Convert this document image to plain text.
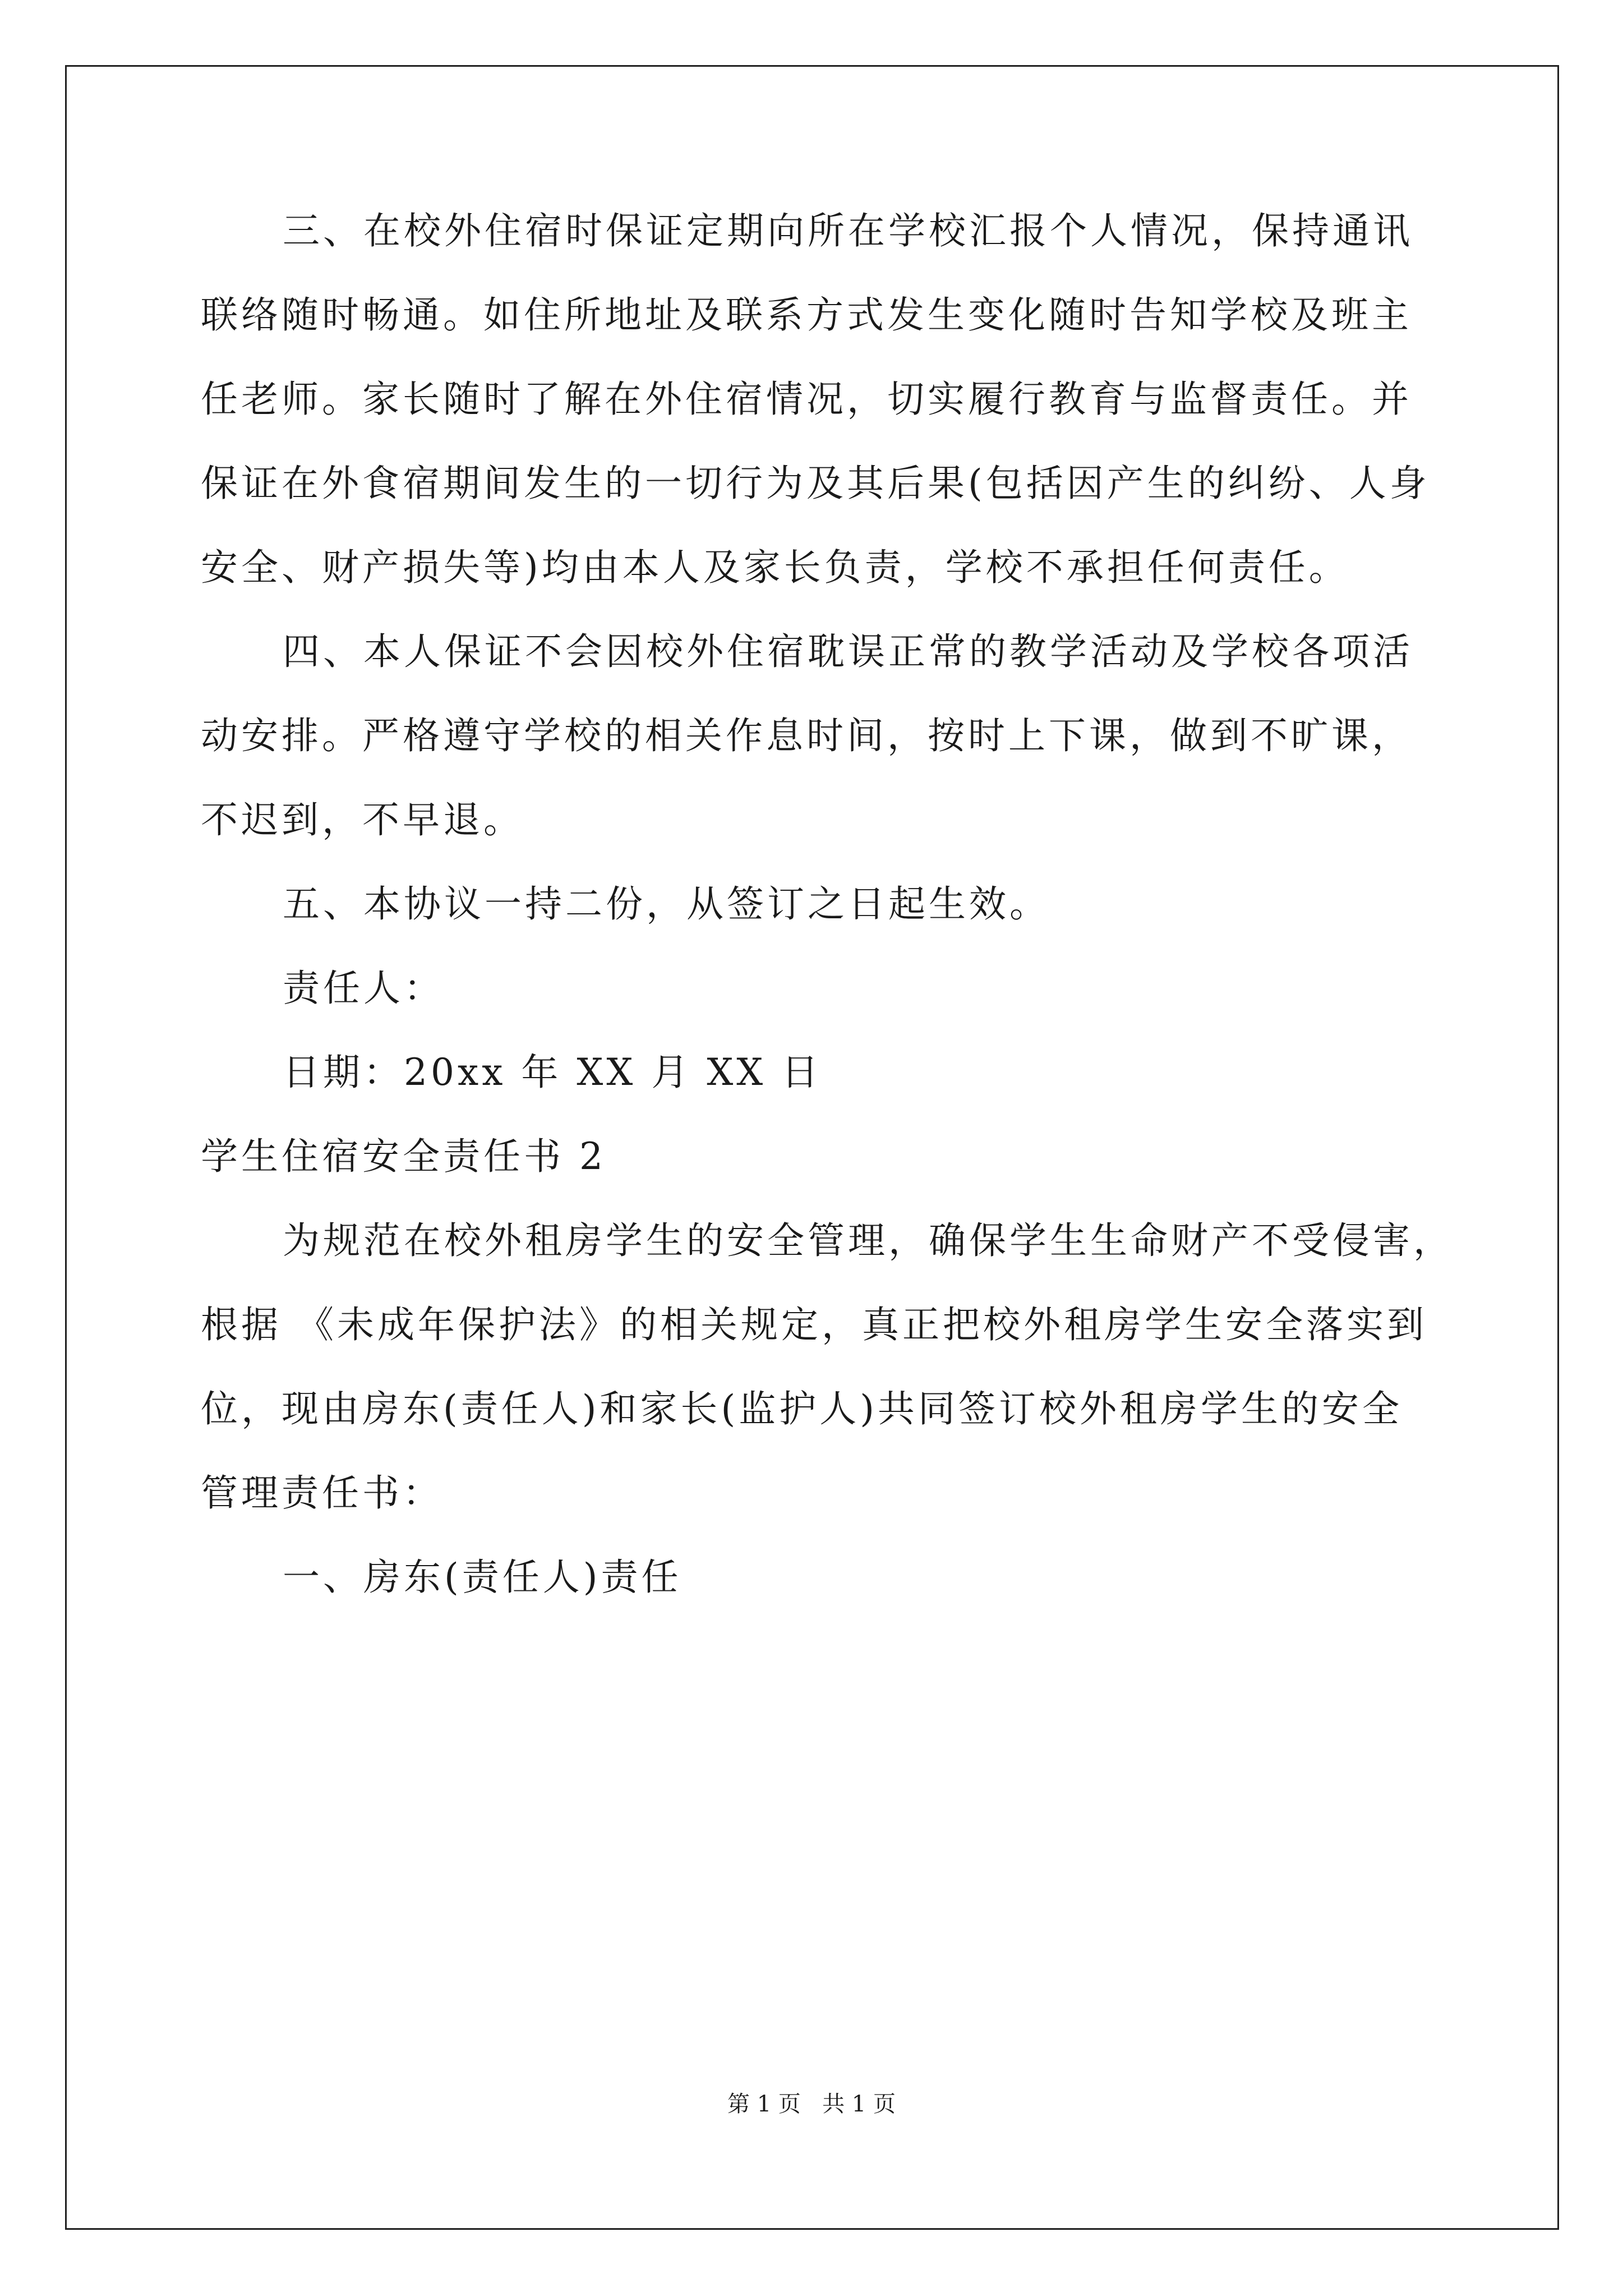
三、在校外住宿时保证定期向所在学校汇报个人情况，保持通讯
联络随时畅通。如住所地址及联系方式发生变化随时告知学校及班主
任老师。家长随时了解在外住宿情况，切实履行教育与监督责任。并
保证在外食宿期间发生的一切行为及其后果(包括因产生的纠纷、人身
安全、财产损失等)均由本人及家长负责，学校不承担任何责任。
四、本人保证不会因校外住宿耽误正常的教学活动及学校各项活
动安排。严格遵守学校的相关作息时间，按时上下课，做到不旷课，
不迟到，不早退。
五、本协议一持二份，从签订之日起生效。
责任人：
日期：20xx 年 XX 月 XX 日
学生住宿安全责任书 2
为规范在校外租房学生的安全管理，确保学生生命财产不受侵害，
根据 《未成年保护法》的相关规定，真正把校外租房学生安全落实到
位，现由房东(责任人)和家长(监护人)共同签订校外租房学生的安全
管理责任书：
一、房东(责任人)责任
第 1 页   共 1 页
